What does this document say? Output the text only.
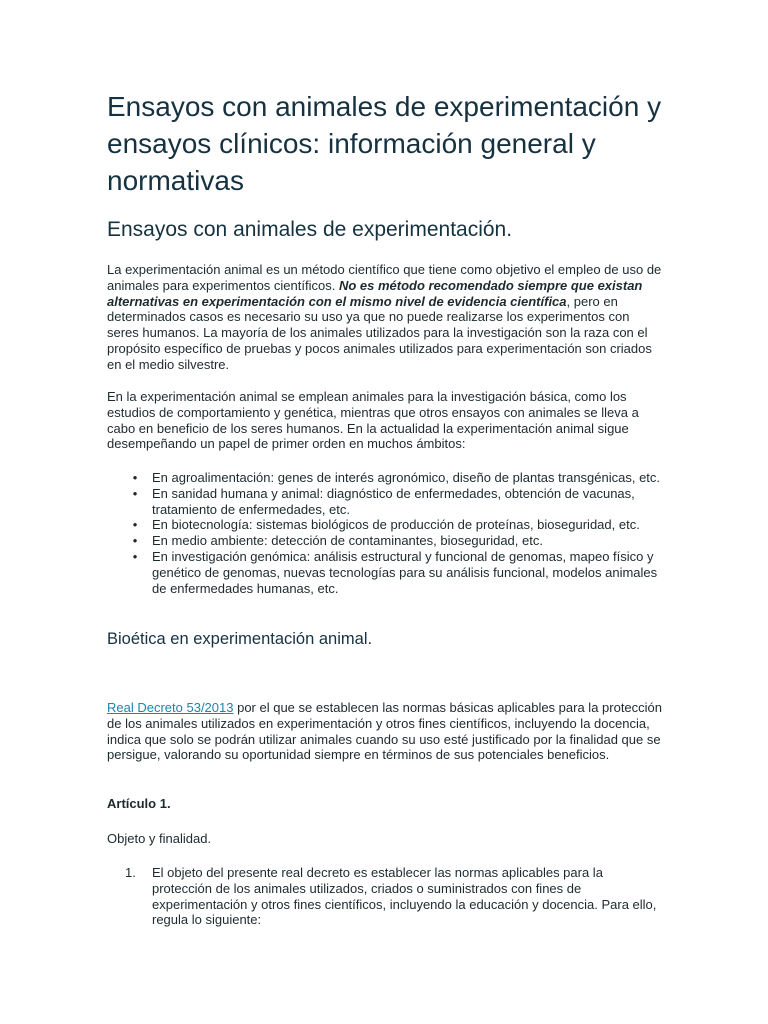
Ensayos con animales de experimentación y ensayos clínicos: información general y normativas
Ensayos con animales de experimentación.

La experimentación animal es un método científico que tiene como objetivo el empleo de uso de animales para experimentos científicos. No es método recomendado siempre que existan alternativas en experimentación con el mismo nivel de evidencia científica, pero en determinados casos es necesario su uso ya que no puede realizarse los experimentos con seres humanos. La mayoría de los animales utilizados para la investigación son la raza con el propósito específico de pruebas y pocos animales utilizados para experimentación son criados en el medio silvestre.

En la experimentación animal se emplean animales para la investigación básica, como los estudios de comportamiento y genética, mientras que otros ensayos con animales se lleva a cabo en beneficio de los seres humanos. En la actualidad la experimentación animal sigue desempeñando un papel de primer orden en muchos ámbitos:

• En agroalimentación: genes de interés agronómico, diseño de plantas transgénicas, etc.
• En sanidad humana y animal: diagnóstico de enfermedades, obtención de vacunas, tratamiento de enfermedades, etc.
• En biotecnología: sistemas biológicos de producción de proteínas, bioseguridad, etc.
• En medio ambiente: detección de contaminantes, bioseguridad, etc.
• En investigación genómica: análisis estructural y funcional de genomas, mapeo físico y genético de genomas, nuevas tecnologías para su análisis funcional, modelos animales de enfermedades humanas, etc.
Bioética en experimentación animal.

Real Decreto 53/2013 por el que se establecen las normas básicas aplicables para la protección de los animales utilizados en experimentación y otros fines científicos, incluyendo la docencia, indica que solo se podrán utilizar animales cuando su uso esté justificado por la finalidad que se persigue, valorando su oportunidad siempre en términos de sus potenciales beneficios.

Artículo 1.

Objeto y finalidad.

1. El objeto del presente real decreto es establecer las normas aplicables para la protección de los animales utilizados, criados o suministrados con fines de experimentación y otros fines científicos, incluyendo la educación y docencia. Para ello, regula lo siguiente:
